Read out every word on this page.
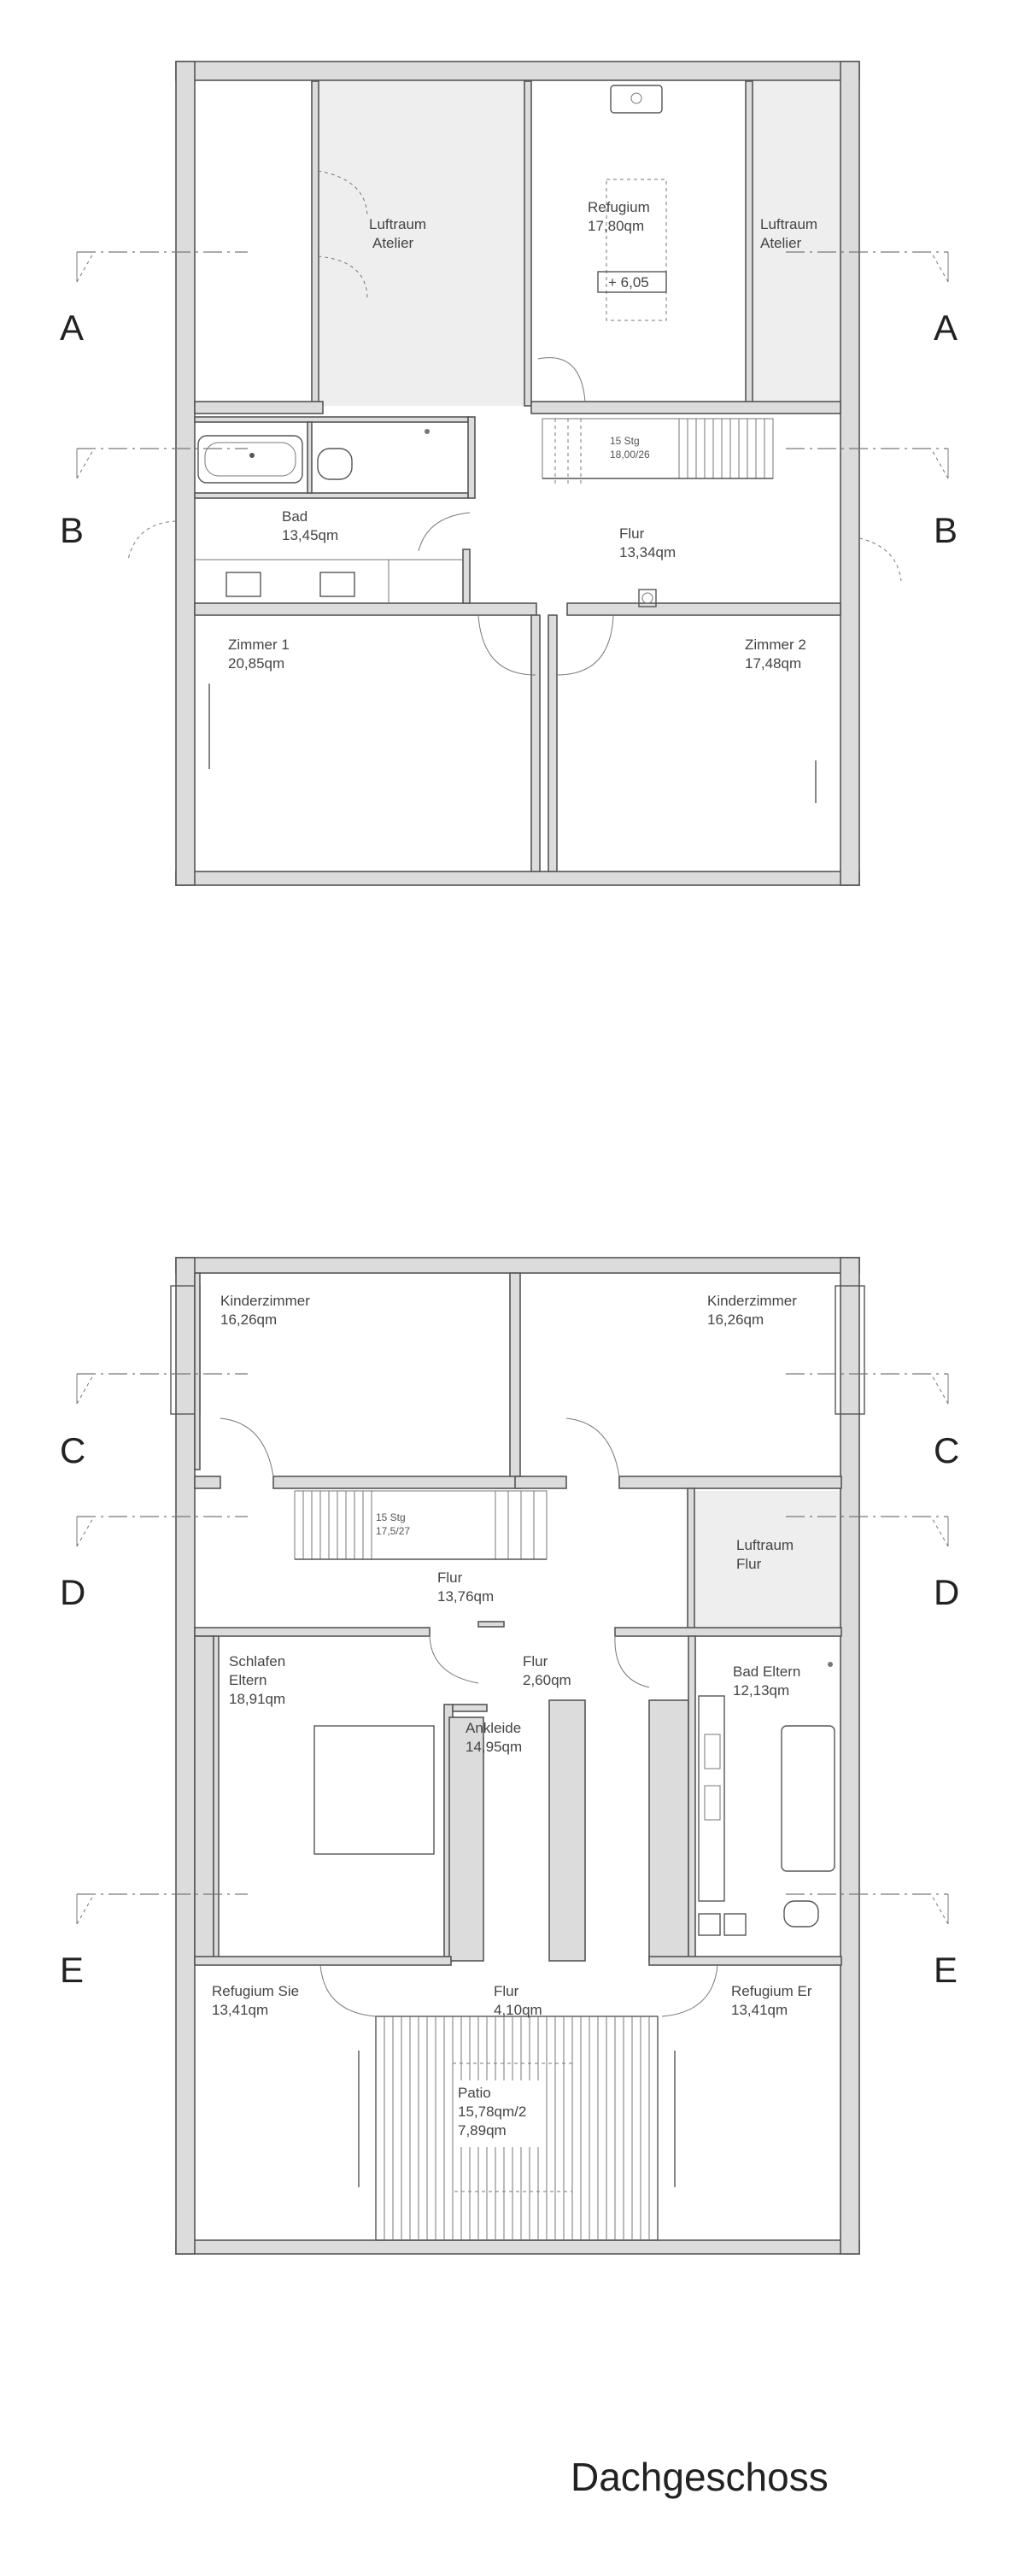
Luftraum
Atelier
Refugium
17,80qm
+ 6,05
Luftraum
Atelier
Bad
13,45qm	Flur
13,34qm
Zimmer 1
20,85qm
Zimmer 2
17,48qm
15 Stg
18,00/26
A	A
B	B
Kinderzimmer
16,26qm
Kinderzimmer
16,26qm
Flur
13,76qm
Luftraum
Flur
Schlafen
Eltern
18,91qm
Flur
2,60qm
Ankleide
14,95qm
Bad Eltern
12,13qm
Refugium Sie
13,41qm
Flur
4,10qm
Refugium Er
13,41qm
Patio
15,78qm/2
7,89qm
15 Stg
17,5/27
C	C
D	D
E	E
Dachgeschoss
